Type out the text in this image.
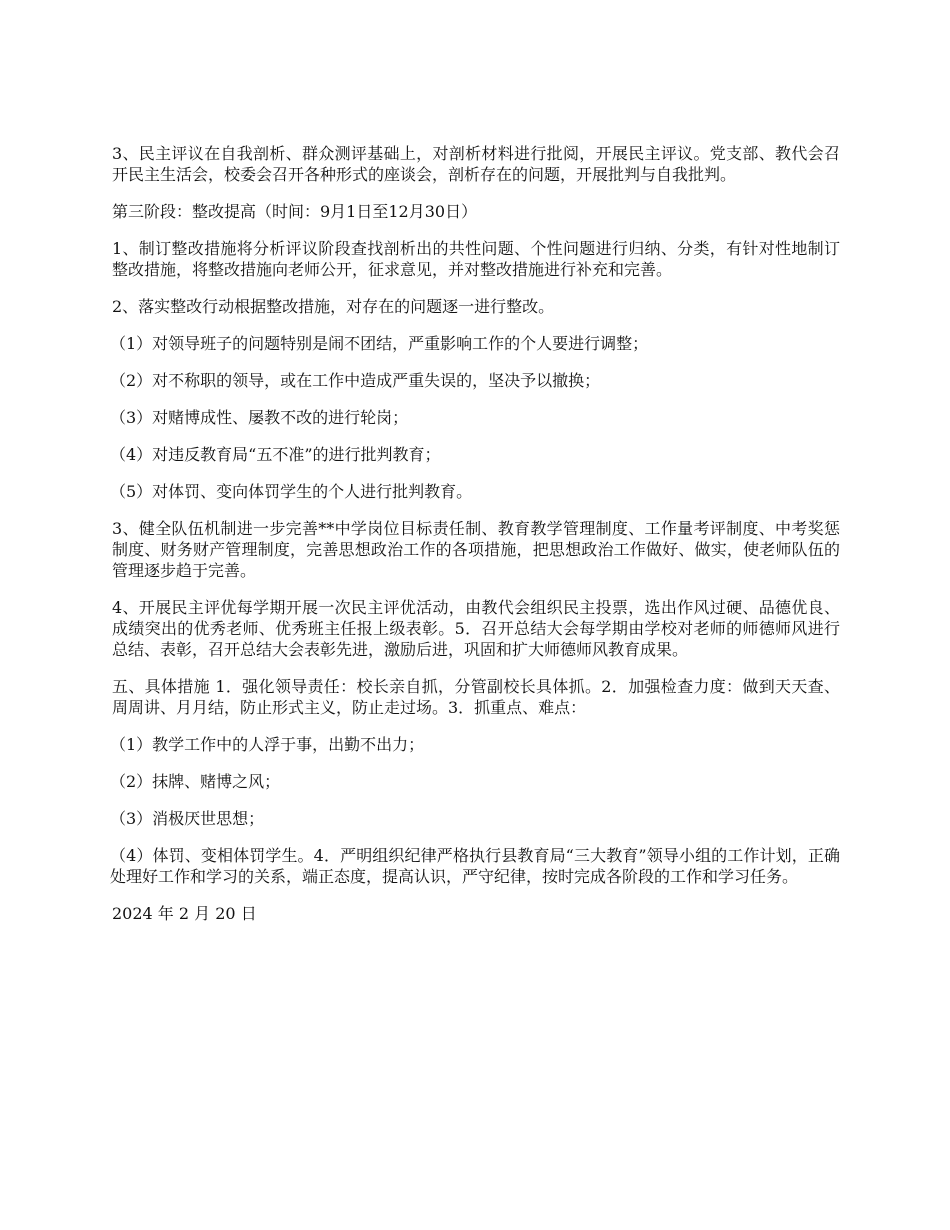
3、民主评议在自我剖析、群众测评基础上，对剖析材料进行批阅，开展民主评议。党支部、教代会召开民主生活会，校委会召开各种形式的座谈会，剖析存在的问题，开展批判与自我批判。

第三阶段：整改提高（时间：9月1日至12月30日）

1、制订整改措施将分析评议阶段查找剖析出的共性问题、个性问题进行归纳、分类，有针对性地制订整改措施，将整改措施向老师公开，征求意见，并对整改措施进行补充和完善。

2、落实整改行动根据整改措施，对存在的问题逐一进行整改。

（1）对领导班子的问题特别是闹不团结，严重影响工作的个人要进行调整；

（2）对不称职的领导，或在工作中造成严重失误的，坚决予以撤换；

（3）对赌博成性、屡教不改的进行轮岗；

（4）对违反教育局“五不准”的进行批判教育；

（5）对体罚、变向体罚学生的个人进行批判教育。

3、健全队伍机制进一步完善**中学岗位目标责任制、教育教学管理制度、工作量考评制度、中考奖惩制度、财务财产管理制度，完善思想政治工作的各项措施，把思想政治工作做好、做实，使老师队伍的管理逐步趋于完善。

4、开展民主评优每学期开展一次民主评优活动，由教代会组织民主投票，选出作风过硬、品德优良、成绩突出的优秀老师、优秀班主任报上级表彰。5．召开总结大会每学期由学校对老师的师德师风进行总结、表彰，召开总结大会表彰先进，激励后进，巩固和扩大师德师风教育成果。

五、具体措施 1．强化领导责任：校长亲自抓，分管副校长具体抓。2．加强检查力度：做到天天查、周周讲、月月结，防止形式主义，防止走过场。3．抓重点、难点：

（1）教学工作中的人浮于事，出勤不出力；

（2）抹牌、赌博之风；

（3）消极厌世思想；

（4）体罚、变相体罚学生。4．严明组织纪律严格执行县教育局“三大教育”领导小组的工作计划，正确处理好工作和学习的关系，端正态度，提高认识，严守纪律，按时完成各阶段的工作和学习任务。

2024 年 2 月 20 日
